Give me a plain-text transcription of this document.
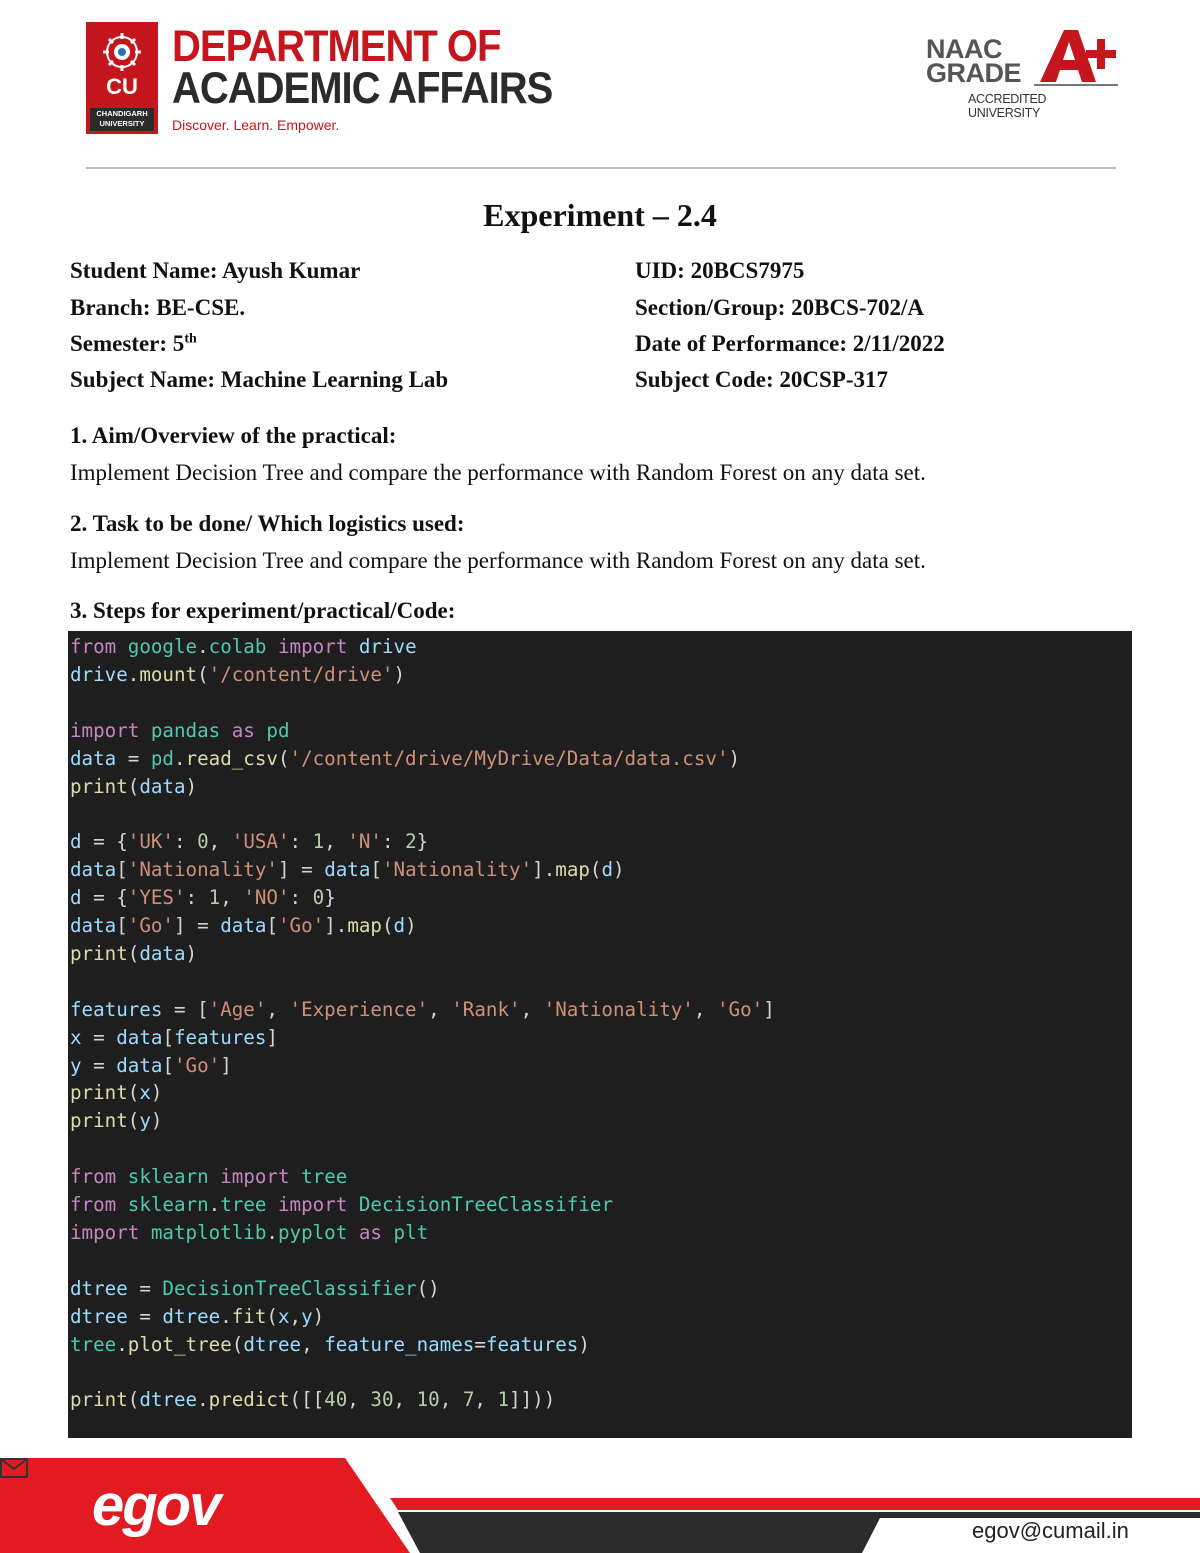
CU
CHANDIGARH UNIVERSITY
DEPARTMENT OF
ACADEMIC AFFAIRS
Discover. Learn. Empower.
NAAC
GRADE
ACCREDITED UNIVERSITY
Experiment – 2.4
Student Name: Ayush Kumar	UID: 20BCS7975
Branch: BE-CSE.	Section/Group: 20BCS-702/A
Semester: 5th	Date of Performance: 2/11/2022
Subject Name: Machine Learning Lab	Subject Code: 20CSP-317
1. Aim/Overview of the practical:
Implement Decision Tree and compare the performance with Random Forest on any data set.
2. Task to be done/ Which logistics used:
Implement Decision Tree and compare the performance with Random Forest on any data set.
3. Steps for experiment/practical/Code:
from google.colab import drive
drive.mount('/content/drive')
import pandas as pd
data = pd.read_csv('/content/drive/MyDrive/Data/data.csv')
print(data)
d = {'UK': 0, 'USA': 1, 'N': 2}
data['Nationality'] = data['Nationality'].map(d)
d = {'YES': 1, 'NO': 0}
data['Go'] = data['Go'].map(d)
print(data)
features = ['Age', 'Experience', 'Rank', 'Nationality', 'Go']
x = data[features]
y = data['Go']
print(x)
print(y)
from sklearn import tree
from sklearn.tree import DecisionTreeClassifier
import matplotlib.pyplot as plt
dtree = DecisionTreeClassifier()
dtree = dtree.fit(x,y)
tree.plot_tree(dtree, feature_names=features)
print(dtree.predict([[40, 30, 10, 7, 1]]))
egov	egov@cumail.in
